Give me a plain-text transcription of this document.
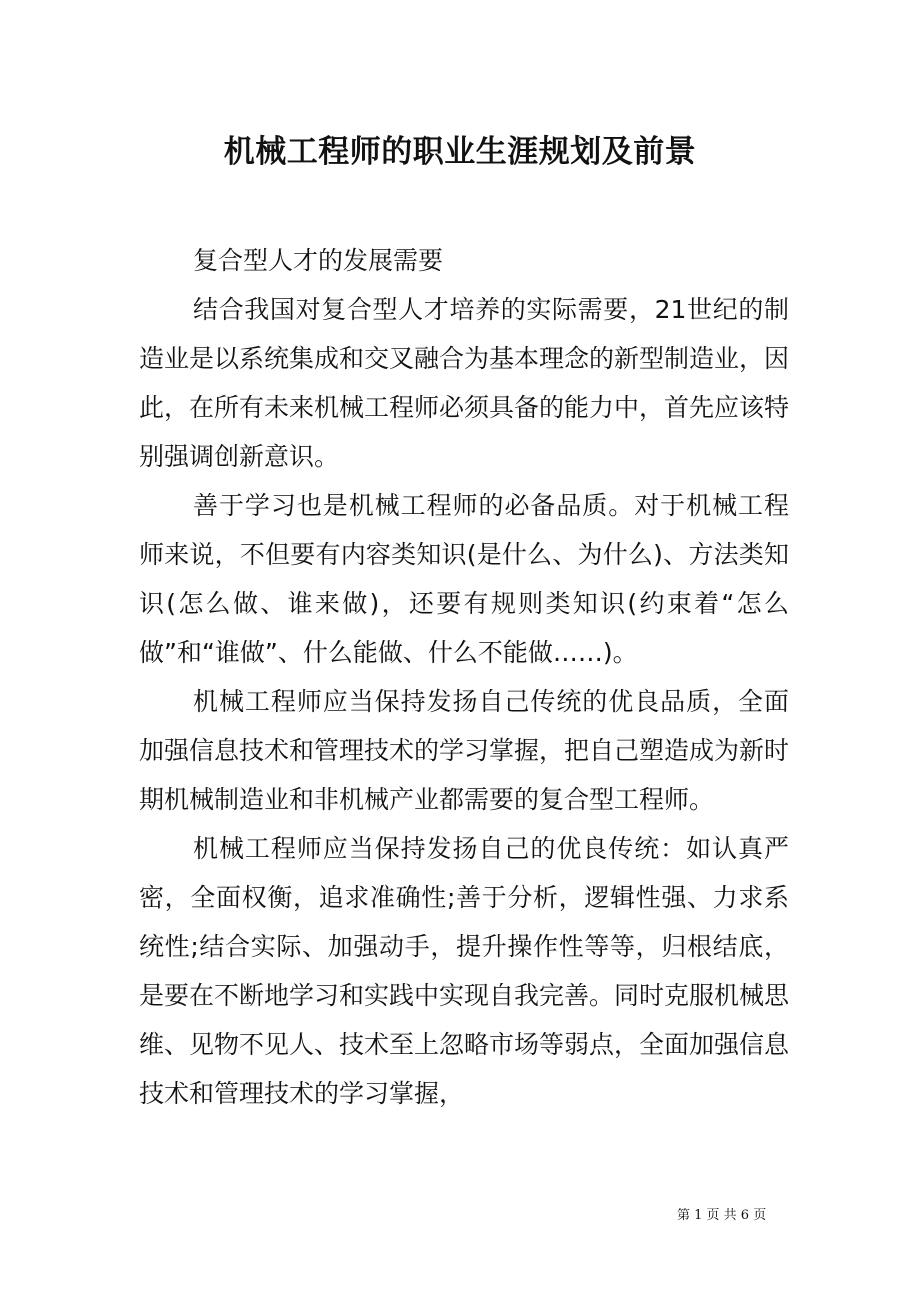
机械工程师的职业生涯规划及前景

复合型人才的发展需要

结合我国对复合型人才培养的实际需要，21世纪的制造业是以系统集成和交叉融合为基本理念的新型制造业，因此，在所有未来机械工程师必须具备的能力中，首先应该特别强调创新意识。

善于学习也是机械工程师的必备品质。对于机械工程师来说，不但要有内容类知识(是什么、为什么)、方法类知识(怎么做、谁来做)，还要有规则类知识(约束着“怎么做”和“谁做”、什么能做、什么不能做……)。

机械工程师应当保持发扬自己传统的优良品质，全面加强信息技术和管理技术的学习掌握，把自己塑造成为新时期机械制造业和非机械产业都需要的复合型工程师。

机械工程师应当保持发扬自己的优良传统：如认真严密，全面权衡，追求准确性;善于分析，逻辑性强、力求系统性;结合实际、加强动手，提升操作性等等，归根结底，是要在不断地学习和实践中实现自我完善。同时克服机械思维、见物不见人、技术至上忽略市场等弱点，全面加强信息技术和管理技术的学习掌握，

第 1 页 共 6 页
